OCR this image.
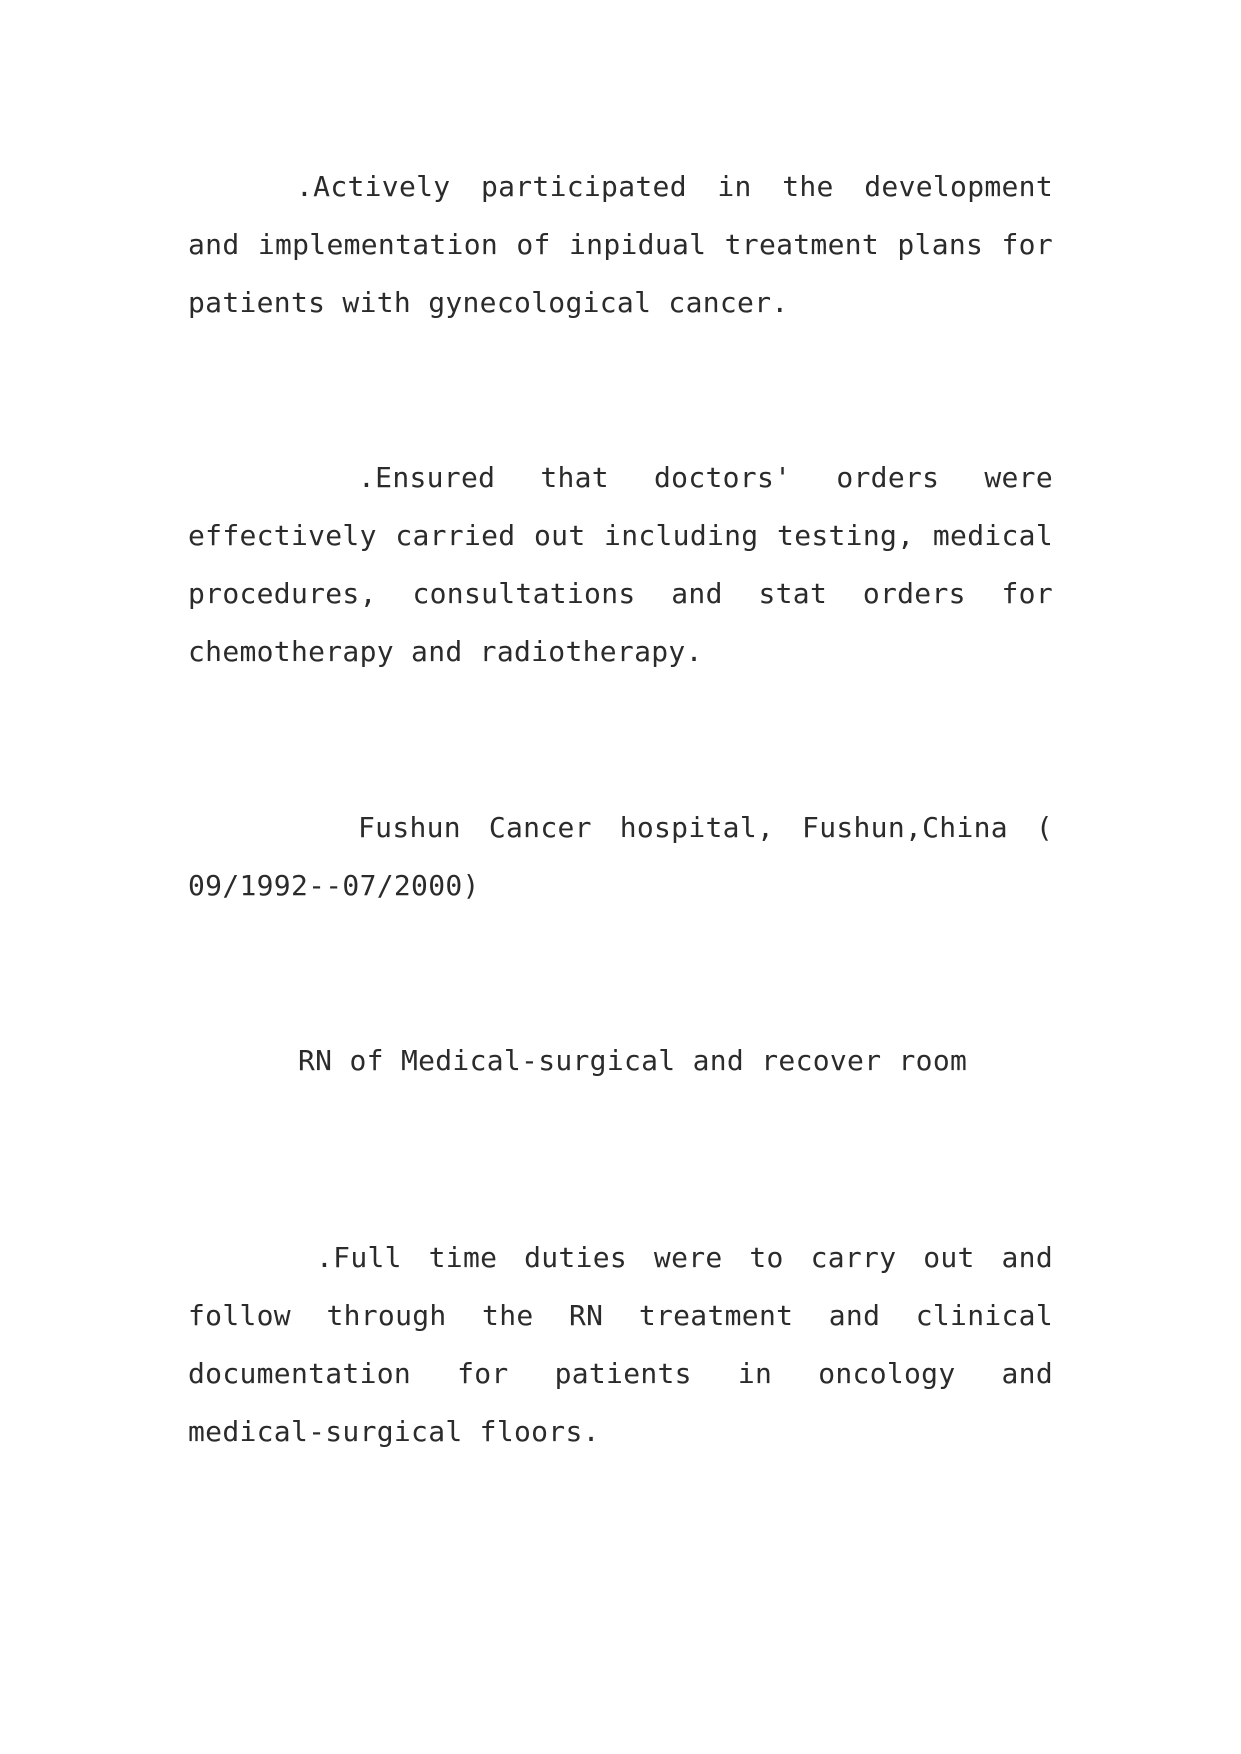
.Actively participated in the development and implementation of inpidual treatment plans for patients with gynecological cancer.

.Ensured that doctors' orders were effectively carried out including testing, medical procedures, consultations and stat orders for chemotherapy and radiotherapy.

Fushun Cancer hospital, Fushun,China ( 09/1992--07/2000)

RN of Medical-surgical and recover room

.Full time duties were to carry out and follow through the RN treatment and clinical documentation for patients in oncology and medical-surgical floors.
